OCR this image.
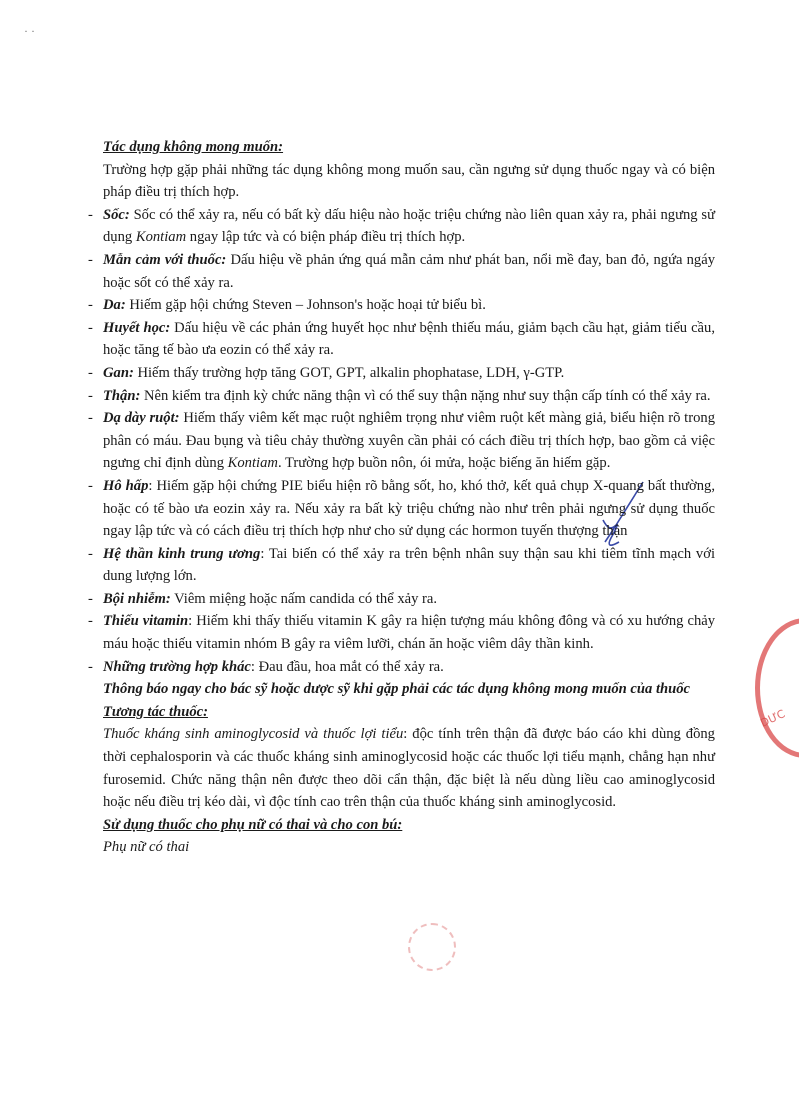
· ·
DƯC

Tác dụng không mong muốn:

Trường hợp gặp phải những tác dụng không mong muốn sau, cần ngưng sử dụng thuốc ngay và có biện pháp điều trị thích hợp.

- Sốc: Sốc có thể xảy ra, nếu có bất kỳ dấu hiệu nào hoặc triệu chứng nào liên quan xảy ra, phải ngưng sử dụng Kontiam ngay lập tức và có biện pháp điều trị thích hợp.

- Mẫn cảm với thuốc: Dấu hiệu về phản ứng quá mẫn cảm như phát ban, nổi mề đay, ban đỏ, ngứa ngáy hoặc sốt có thể xảy ra.

- Da: Hiếm gặp hội chứng Steven – Johnson's hoặc hoại tử biểu bì.

- Huyết học: Dấu hiệu về các phản ứng huyết học như bệnh thiếu máu, giảm bạch cầu hạt, giảm tiểu cầu, hoặc tăng tế bào ưa eozin có thể xảy ra.

- Gan: Hiếm thấy trường hợp tăng GOT, GPT, alkalin phophatase, LDH, γ-GTP.

- Thận: Nên kiểm tra định kỳ chức năng thận vì có thể suy thận nặng như suy thận cấp tính có thể xảy ra.

- Dạ dày ruột: Hiếm thấy viêm kết mạc ruột nghiêm trọng như viêm ruột kết màng giả, biểu hiện rõ trong phân có máu. Đau bụng và tiêu chảy thường xuyên cần phải có cách điều trị thích hợp, bao gồm cả việc ngưng chỉ định dùng Kontiam. Trường hợp buồn nôn, ói mửa, hoặc biếng ăn hiếm gặp.

- Hô hấp: Hiếm gặp hội chứng PIE biểu hiện rõ bằng sốt, ho, khó thở, kết quả chụp X-quang bất thường, hoặc có tế bào ưa eozin xảy ra. Nếu xảy ra bất kỳ triệu chứng nào như trên phải ngưng sử dụng thuốc ngay lập tức và có cách điều trị thích hợp như cho sử dụng các hormon tuyến thượng thận

- Hệ thần kinh trung ương: Tai biến có thể xảy ra trên bệnh nhân suy thận sau khi tiêm tĩnh mạch với dung lượng lớn.

- Bội nhiễm: Viêm miệng hoặc nấm candida có thể xảy ra.

- Thiếu vitamin: Hiếm khi thấy thiếu vitamin K gây ra hiện tượng máu không đông và có xu hướng chảy máu hoặc thiếu vitamin nhóm B gây ra viêm lưỡi, chán ăn hoặc viêm dây thần kinh.

- Những trường hợp khác: Đau đầu, hoa mắt có thể xảy ra.

Thông báo ngay cho bác sỹ hoặc dược sỹ khi gặp phải các tác dụng không mong muốn của thuốc

Tương tác thuốc:

Thuốc kháng sinh aminoglycosid và thuốc lợi tiểu: độc tính trên thận đã được báo cáo khi dùng đồng thời cephalosporin và các thuốc kháng sinh aminoglycosid hoặc các thuốc lợi tiểu mạnh, chẳng hạn như furosemid. Chức năng thận nên được theo dõi cẩn thận, đặc biệt là nếu dùng liều cao aminoglycosid hoặc nếu điều trị kéo dài, vì độc tính cao trên thận của thuốc kháng sinh aminoglycosid.

Sử dụng thuốc cho phụ nữ có thai và cho con bú:

Phụ nữ có thai
